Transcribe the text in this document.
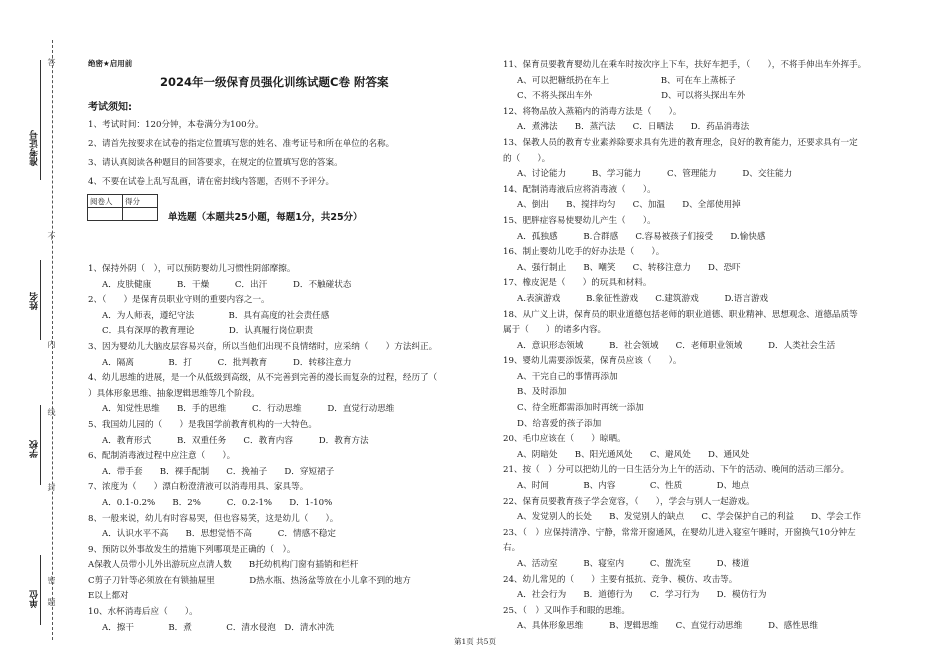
准考证号
姓名
学校
单位
答
不
内
线
封
密
题
绝密★启用前
2024年一级保育员强化训练试题C卷 附答案
考试须知:
1、考试时间：120分钟，本卷满分为100分。
2、请首先按要求在试卷的指定位置填写您的姓名、准考证号和所在单位的名称。
3、请认真阅读各种题目的回答要求，在规定的位置填写您的答案。
4、不要在试卷上乱写乱画，请在密封线内答题，否则不予评分。
阅卷人	得分

单选题（本题共25小题，每题1分，共25分）
1、保持外阴（　），可以预防婴幼儿习惯性阴部摩擦。
A．皮肤健康　　　B．干燥　　　C．出汗　　　D．不触碰状态
2、（　　）是保育员职业守则的重要内容之一。
A．为人师表，遵纪守法　　　　B．具有高度的社会责任感
C．具有深厚的教育理论　　　　D．认真履行岗位职责
3、因为婴幼儿大脑皮层容易兴奋，所以当他们出现不良情绪时，应采纳（　　）方法纠正。
A．隔离　　　　B．打　　　C．批判教育　　　D．转移注意力
4、幼儿思维的进展，是一个从低级到高级，从不完善到完善的漫长而复杂的过程，经历了（
）具体形象思维、抽象逻辑思维等几个阶段。
A．知觉性思维　　B．手的思维　　　C．行动思维　　　D．直觉行动思维
5、我国幼儿园的（　　）是我国学前教育机构的一大特色。
A．教育形式　　　B．双重任务　　C．教育内容　　　D．教育方法
6、配制消毒液过程中应注意（　　）。
A．带手套　　B．裸手配制　　C．挽袖子　　D．穿短裙子
7、浓度为（　　）漂白粉澄清液可以消毒用具、家具等。
A．0.1-0.2%　　B．2%　　　C．0.2-1%　　D．1-10%
8、一般来说，幼儿有时容易哭，但也容易笑，这是幼儿（　　）。
A．认识水平不高　　B．思想觉悟不高　　　C．情感不稳定
9、预防以外事故发生的措施下列哪项是正确的（　）。
A保教人员带小儿外出游玩应点清人数　　B托幼机构门窗有插销和栏杆
C剪子刀针等必须放在有锁抽屉里　　　　D热水瓶、热汤盆等放在小儿拿不到的地方
E以上都对
10、水杯消毒后应（　　）。
A．擦干　　　　B．煮　　　　C．清水侵泡　D．清水冲洗
11、保育员要教育婴幼儿在乘车时按次序上下车，扶好车把手，（　　），不将手伸出车外挥手。
A、可以把糖纸扔在车上　　　　　　B、可在车上蒸栎子
C、不将头探出车外　　　　　　　　D、可以将头探出车外
12、将物品放入蒸箱内的消毒方法是（　　）。
A．煮沸法　　B．蒸汽法　　C．日晒法　　D．药品消毒法
13、保教人员的教育专业素养除要求具有先进的教育理念，良好的教育能力，还要求具有一定
的（　　）。
A、讨论能力　　　B、学习能力　　　C、管理能力　　　D、交往能力
14、配制消毒液后应将消毒液（　　）。
A、倒出　　B、搅拌均匀　　C、加温　　D、全部使用掉
15、肥胖症容易使婴幼儿产生（　　）。
A．孤独感　　　B.合群感　　C.容易被孩子们接受　　D.愉快感
16、制止婴幼儿吃手的好办法是（　　）。
A、强行制止　　B、嘲笑　　C、转移注意力　　D、恐吓
17、橡皮泥是（　　）的玩具和材料。
A.表演游戏　　　B.象征性游戏　　C.建筑游戏　　　D.语言游戏
18、从广义上讲，保育员的职业道德包括老师的职业道德、职业精神、思想观念、道德品质等
属于（　　）的诸多内容。
A．意识形态领域　　　B．社会领域　　C．老师职业领域　　　D．人类社会生活
19、婴幼儿需要添饭菜，保育员应该（　　）。
A、干完自己的事情再添加
B、及时添加
C、待全班都需添加时再统一添加
D、给喜爱的孩子添加
20、毛巾应该在（　　）晾晒。
A、阴暗处　　B、阳光通风处　　C、避风处　　D、通风处
21、按（　）分可以把幼儿的一日生活分为上午的活动、下午的活动、晚间的活动三部分。
A、时间　　　　B、内容　　　　C、性质　　　　D、地点
22、保育员要教育孩子学会宽容，（　　），学会与别人一起游戏。
A、发觉别人的长处　　B、发觉别人的缺点　　C、学会保护自己的利益　　D、学会工作
23、（　）应保持清净、宁静，常常开窗通风，在婴幼儿进入寝室午睡时，开窗换气10分钟左
右。
A、活动室　　　B、寝室内　　　C、盥洗室　　　D、楼道
24、幼儿常见的（　　）主要有抵抗、竞争、模仿、攻击等。
A．社会行为　　B．道德行为　　C．学习行为　　D．模仿行为
25、（　）又叫作手和眼的思维。
A、具体形象思维　　　B、逻辑思维　　C、直觉行动思维　　　D、感性思维
第1页 共5页
